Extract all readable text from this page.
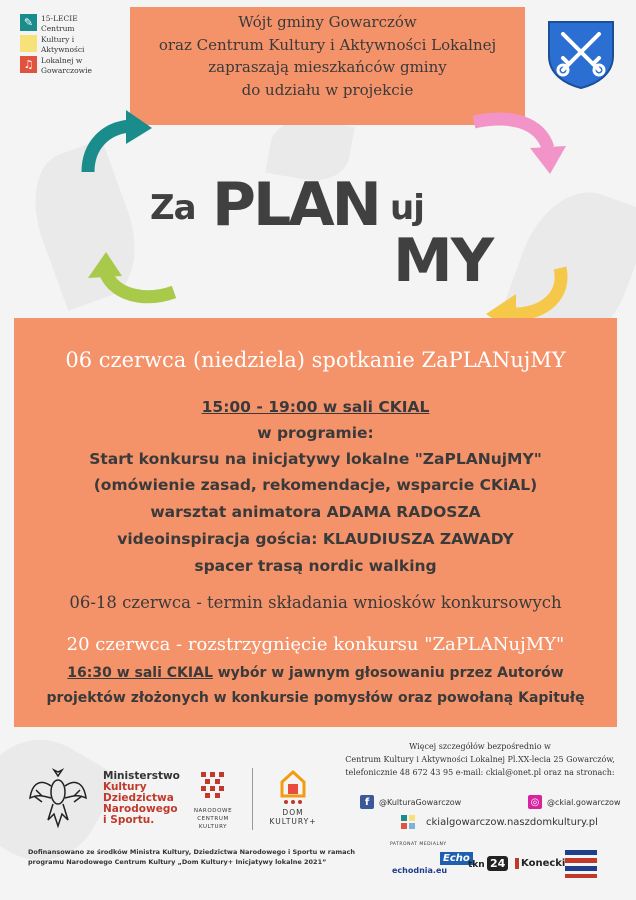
✎	15-LECIE
Centrum
Kultury i
Aktywności
♫	Lokalnej w
Gowarczowie
Wójt gminy Gowarczów
oraz Centrum Kultury i Aktywności Lokalnej
zapraszają mieszkańców gminy
do udziału w projekcie
Za PLAN uj
MY
06 czerwca (niedziela) spotkanie ZaPLANujMY
15:00 - 19:00 w sali CKIAL
w programie:
Start konkursu na inicjatywy lokalne "ZaPLANujMY"
(omówienie zasad, rekomendacje, wsparcie CKiAL)
warsztat animatora ADAMA RADOSZA
videoinspiracja gościa: KLAUDIUSZA ZAWADY
spacer trasą nordic walking
06-18 czerwca - termin składania wniosków konkursowych
20 czerwca - rozstrzygnięcie konkursu "ZaPLANujMY"
16:30 w sali CKIAL wybór w jawnym głosowaniu przez Autorów
projektów złożonych w konkursie pomysłów oraz powołaną Kapitułę
Ministerstwo
Kultury
Dziedzictwa
Narodowego
i Sportu.
NARODOWE
CENTRUM
KULTURY
DOM
KULTURY+
Więcej szczegółów bezpośrednio w
Centrum Kultury i Aktywności Lokalnej Pl.XX-lecia 25 Gowarczów,
telefonicznie 48 672 43 95 e-mail: ckial@onet.pl oraz na stronach:
f	@KulturaGowarczow	◎ @ckial.gowarczow
ckialgowarczow.naszdomkultury.pl
Dofinansowano ze środków Ministra Kultury, Dziedzictwa Narodowego i Sportu w ramach
programu Narodowego Centrum Kultury „Dom Kultury+ Inicjatywy lokalne 2021”
PATRONAT MEDIALNY
echodnia.eu
Echo
tkn 24	Konecki
